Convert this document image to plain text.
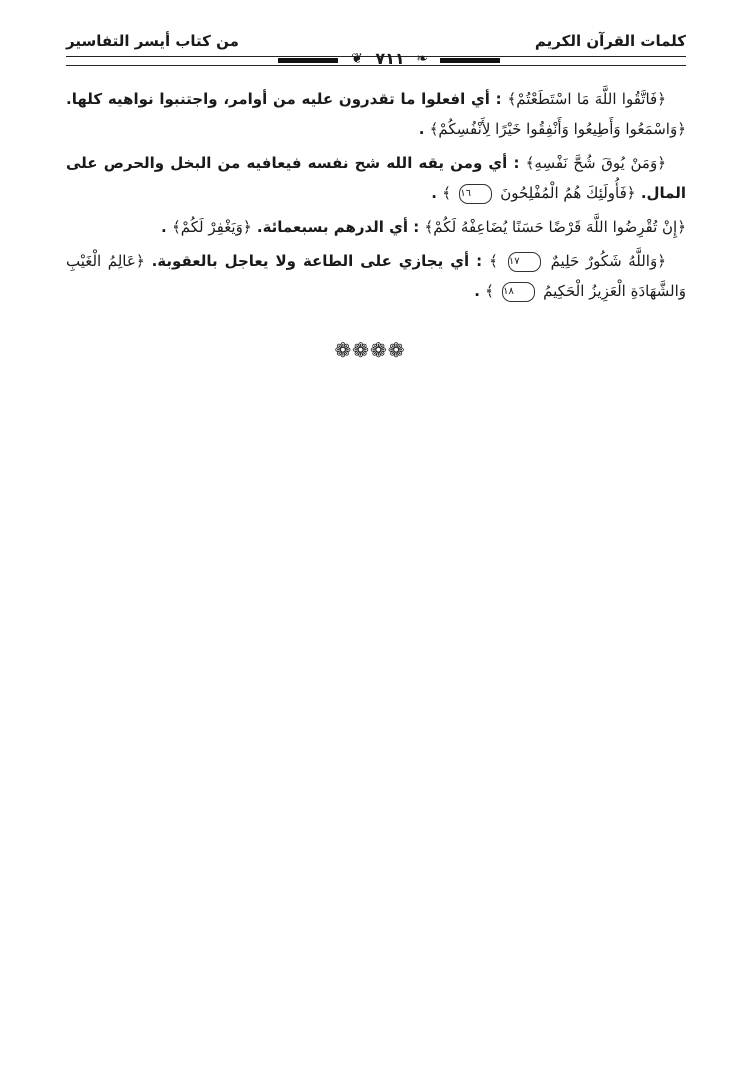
كلمات القرآن الكريم
من كتاب أيسر التفاسير
❦ ٧١١ ❧

﴿فَاتَّقُوا اللَّهَ مَا اسْتَطَعْتُمْ﴾ : أي افعلوا ما تقدرون عليه من أوامر، واجتنبوا نواهيه كلها. ﴿وَاسْمَعُوا وَأَطِيعُوا وَأَنْفِقُوا خَيْرًا لِأَنْفُسِكُمْ﴾ .

﴿وَمَنْ يُوقَ شُحَّ نَفْسِهِ﴾ : أي ومن يقه الله شح نفسه فيعافيه من البخل والحرص على المال. ﴿فَأُولَئِكَ هُمُ الْمُفْلِحُونَ ١٦ ﴾ .

﴿إِنْ تُقْرِضُوا اللَّهَ قَرْضًا حَسَنًا يُضَاعِفْهُ لَكُمْ﴾ : أي الدرهم بسبعمائة. ﴿وَيَغْفِرْ لَكُمْ﴾ .

﴿وَاللَّهُ شَكُورٌ حَلِيمٌ ١٧ ﴾ : أي يجازي على الطاعة ولا يعاجل بالعقوبة. ﴿عَالِمُ الْغَيْبِ وَالشَّهَادَةِ الْعَزِيزُ الْحَكِيمُ ١٨ ﴾ .

❁❁❁❁
